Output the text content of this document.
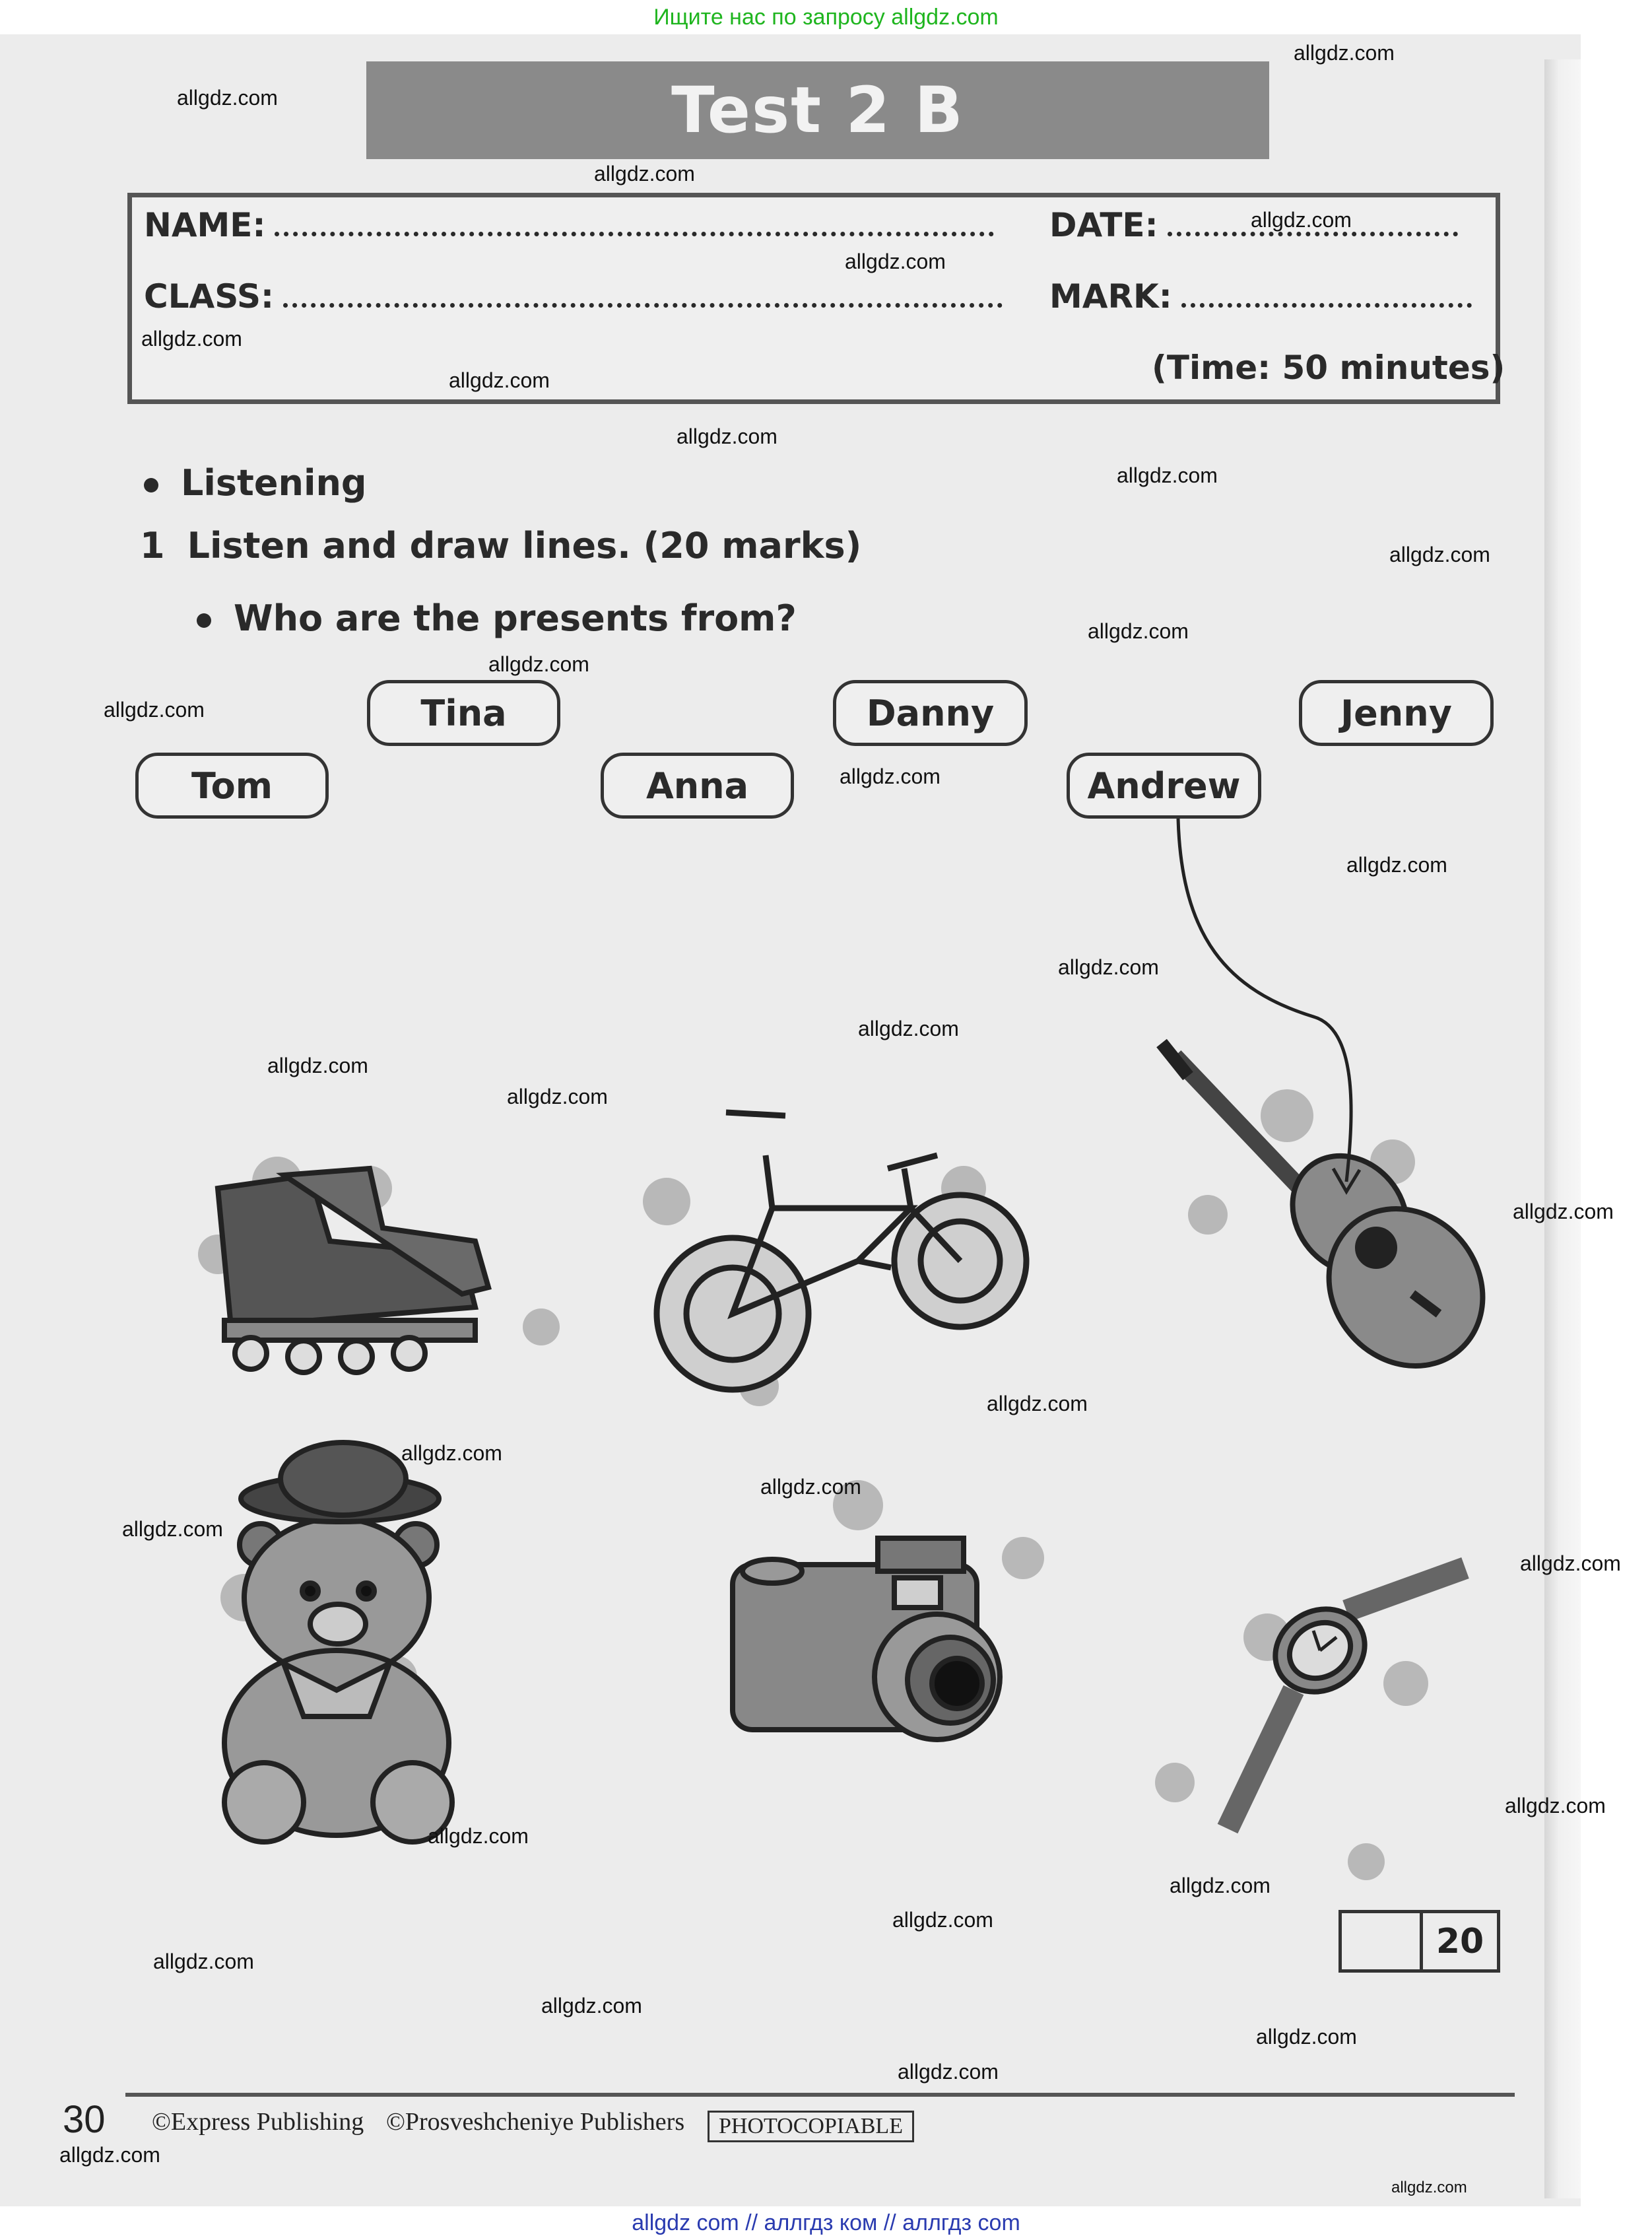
Ищите нас по запросу allgdz.com
Test 2 B
NAME:	DATE:
CLASS:	MARK:
(Time: 50 minutes)
Listening
1 Listen and draw lines. (20 marks)
Who are the presents from?
Tina	Danny	Jenny
Tom	Anna	Andrew
20
30 ©Express Publishing ©Prosveshcheniye Publishers	PHOTOCOPIABLE
allgdz.com
allgdz.com
allgdz.com
allgdz.com
allgdz.com
allgdz.com
allgdz.com
allgdz.com
allgdz.com
allgdz.com
allgdz.com
allgdz.com
allgdz.com
allgdz.com
allgdz.com
allgdz.com
allgdz.com
allgdz.com
allgdz.com
allgdz.com
allgdz.com
allgdz.com
allgdz.com
allgdz.com
allgdz.com
allgdz.com
allgdz.com
allgdz.com
allgdz.com
allgdz.com
allgdz.com
allgdz.com
allgdz.com
allgdz.com
allgdz.com
allgdz com // аллгдз ком // аллгдз com
